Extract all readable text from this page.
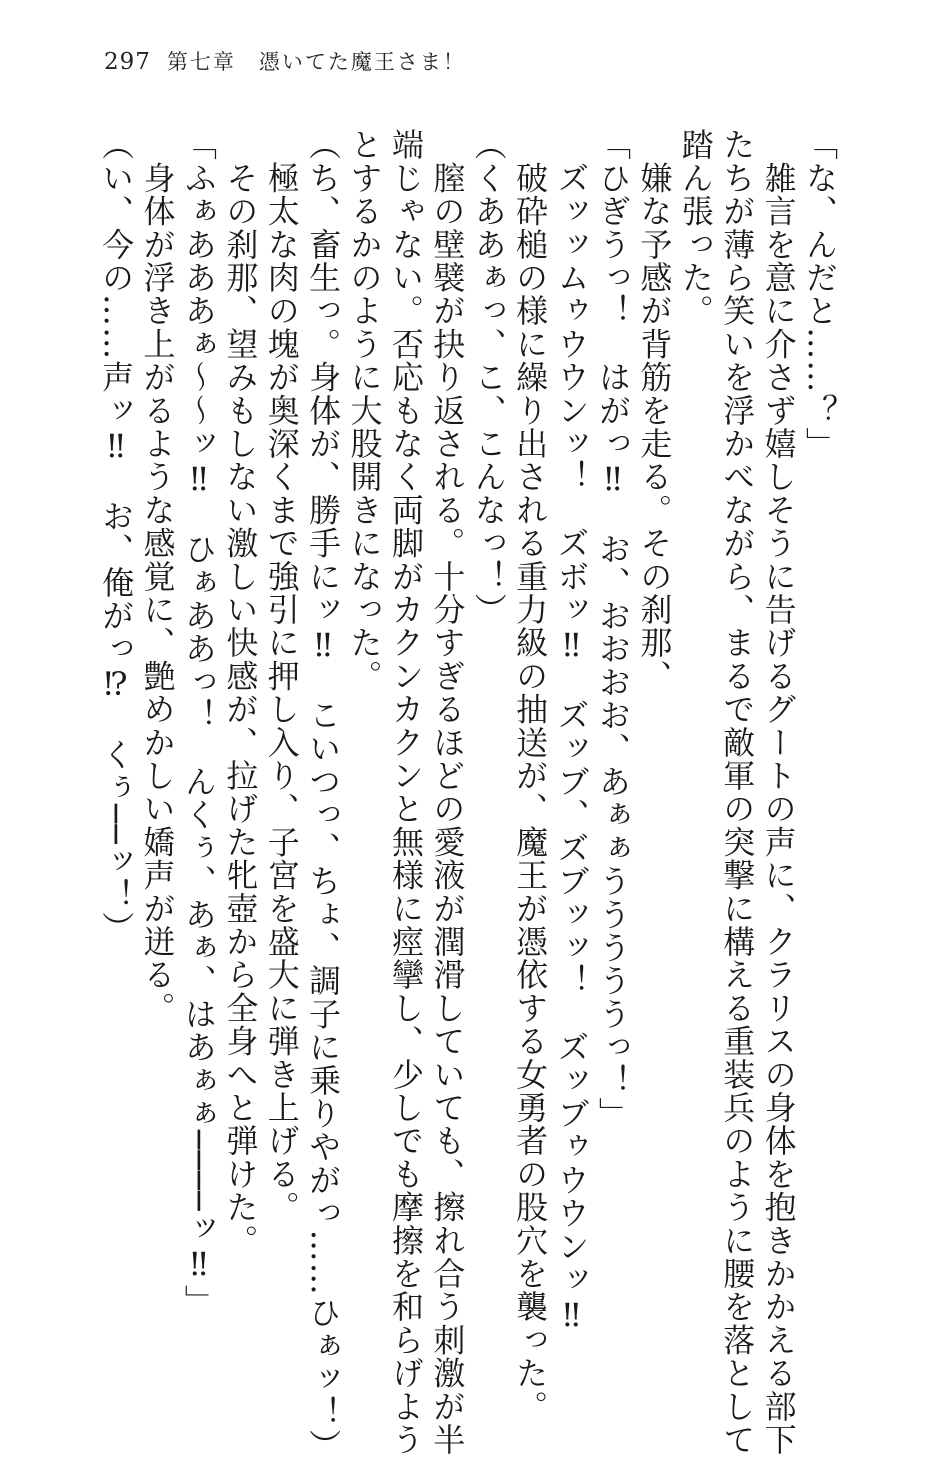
297 第七章　憑いてた魔王さま！

「な、んだと……？」

　雑言を意に介さず嬉しそうに告げるグートの声に、クラリスの身体を抱きかかえる部下

たちが薄ら笑いを浮かべながら、まるで敵軍の突撃に構える重装兵のように腰を落として

踏ん張った。

　嫌な予感が背筋を走る。その刹那、

「ひぎうっ！　はがっ‼　お、おおおお、あぁぁうううううっ！」

　ズッッムゥウウンッ！　ズボッ‼　ズッブ、ズブッッ！　ズッブゥウウンッ‼

　破砕槌の様に繰り出される重力級の抽送が、魔王が憑依する女勇者の股穴を襲った。

（くああぁっ、こ、こんなっ！）

　膣の壁襞が抉り返される。十分すぎるほどの愛液が潤滑していても、擦れ合う刺激が半

端じゃない。否応もなく両脚がカクンカクンと無様に痙攣し、少しでも摩擦を和らげよう

とするかのように大股開きになった。

（ち、畜生っ。身体が、勝手にッ‼　こいつっ、ちょ、調子に乗りやがっ……ひぁッ！）

　極太な肉の塊が奥深くまで強引に押し入り、子宮を盛大に弾き上げる。

　その刹那、望みもしない激しい快感が、拉げた牝壺から全身へと弾けた。

「ふぁあああぁ〜〜ッ‼　ひぁああっ！　んくぅ、あぁ、はあぁぁ────ッ‼」

　身体が浮き上がるような感覚に、艶めかしい嬌声が迸る。

（い、今の……声ッ‼　お、俺がっ⁉　くぅ──ッ！）
